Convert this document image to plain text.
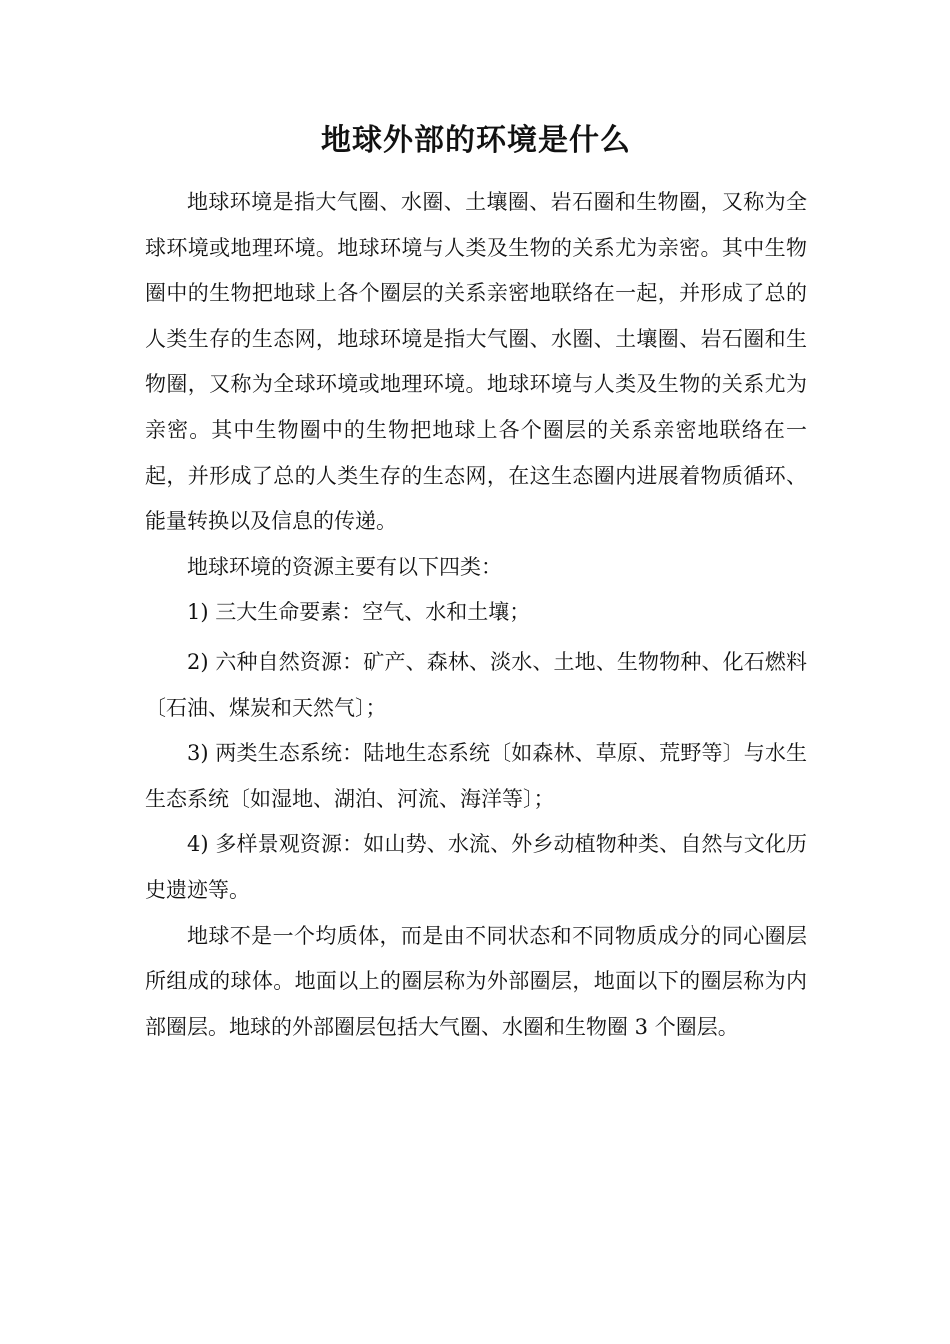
地球外部的环境是什么

地球环境是指大气圈、水圈、土壤圈、岩石圈和生物圈，又称为全球环境或地理环境。地球环境与人类及生物的关系尤为亲密。其中生物圈中的生物把地球上各个圈层的关系亲密地联络在一起，并形成了总的人类生存的生态网，地球环境是指大气圈、水圈、土壤圈、岩石圈和生物圈，又称为全球环境或地理环境。地球环境与人类及生物的关系尤为亲密。其中生物圈中的生物把地球上各个圈层的关系亲密地联络在一起，并形成了总的人类生存的生态网，在这生态圈内进展着物质循环、能量转换以及信息的传递。

地球环境的资源主要有以下四类：

1) 三大生命要素：空气、水和土壤；

2) 六种自然资源：矿产、森林、淡水、土地、生物物种、化石燃料〔石油、煤炭和天然气〕；

3) 两类生态系统：陆地生态系统〔如森林、草原、荒野等〕与水生生态系统〔如湿地、湖泊、河流、海洋等〕；

4) 多样景观资源：如山势、水流、外乡动植物种类、自然与文化历史遗迹等。

地球不是一个均质体，而是由不同状态和不同物质成分的同心圈层所组成的球体。地面以上的圈层称为外部圈层，地面以下的圈层称为内部圈层。地球的外部圈层包括大气圈、水圈和生物圈 3 个圈层。
